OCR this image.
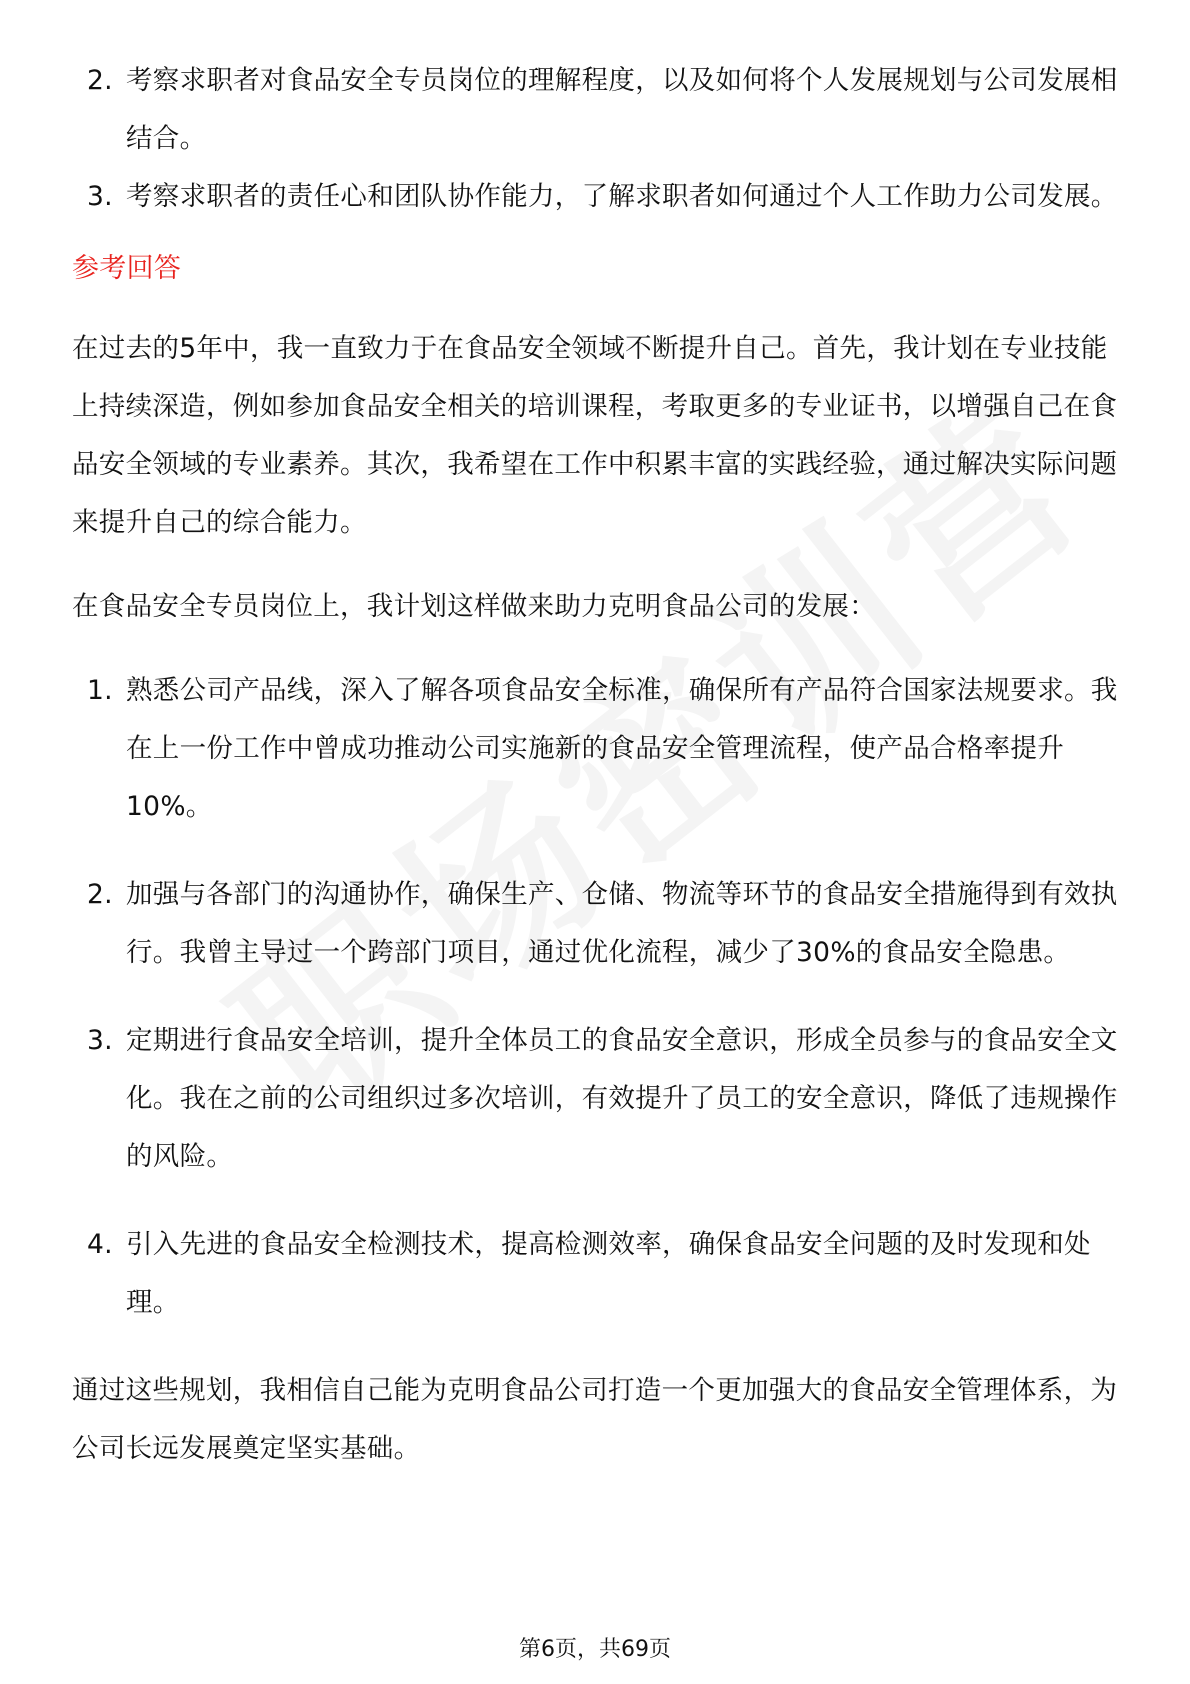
2. 考察求职者对食品安全专员岗位的理解程度，以及如何将个人发展规划与公司发展相结合。
3. 考察求职者的责任心和团队协作能力，了解求职者如何通过个人工作助力公司发展。
参考回答

在过去的5年中，我一直致力于在食品安全领域不断提升自己。首先，我计划在专业技能上持续深造，例如参加食品安全相关的培训课程，考取更多的专业证书，以增强自己在食品安全领域的专业素养。其次，我希望在工作中积累丰富的实践经验，通过解决实际问题来提升自己的综合能力。

在食品安全专员岗位上，我计划这样做来助力克明食品公司的发展：

1. 熟悉公司产品线，深入了解各项食品安全标准，确保所有产品符合国家法规要求。我在上一份工作中曾成功推动公司实施新的食品安全管理流程，使产品合格率提升10%。
2. 加强与各部门的沟通协作，确保生产、仓储、物流等环节的食品安全措施得到有效执行。我曾主导过一个跨部门项目，通过优化流程，减少了30%的食品安全隐患。
3. 定期进行食品安全培训，提升全体员工的食品安全意识，形成全员参与的食品安全文化。我在之前的公司组织过多次培训，有效提升了员工的安全意识，降低了违规操作的风险。
4. 引入先进的食品安全检测技术，提高检测效率，确保食品安全问题的及时发现和处理。

通过这些规划，我相信自己能为克明食品公司打造一个更加强大的食品安全管理体系，为公司长远发展奠定坚实基础。

第6页，共69页
